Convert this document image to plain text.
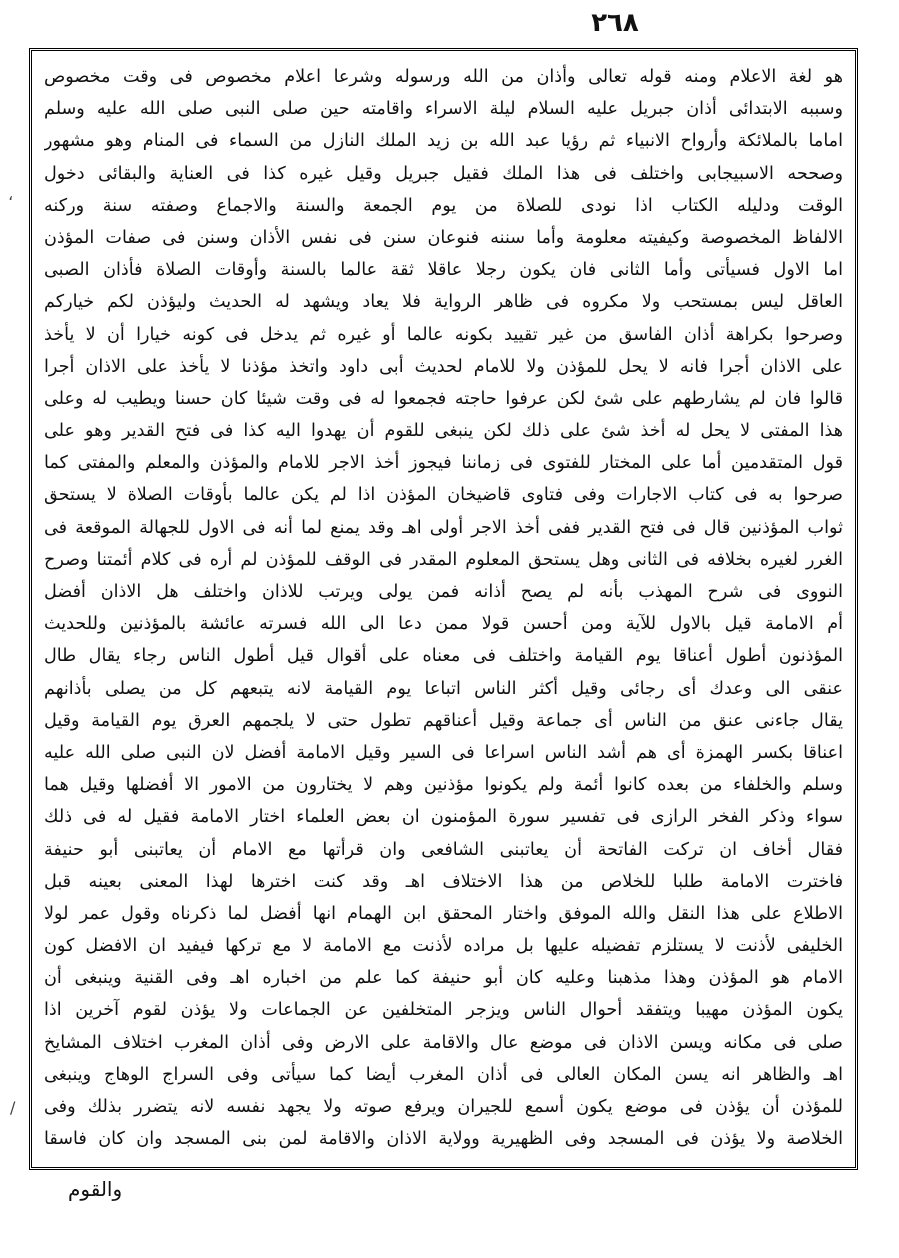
٢٦٨
،
/
هو لغة الاعلام ومنه قوله تعالى وأذان من الله ورسوله وشرعا اعلام مخصوص فى وقت مخصوص
وسببه الابتدائى أذان جبريل عليه السلام ليلة الاسراء واقامته حين صلى النبى صلى الله عليه وسلم
اماما بالملائكة وأرواح الانبياء ثم رؤيا عبد الله بن زيد الملك النازل من السماء فى المنام وهو مشهور
وصححه الاسبيجابى واختلف فى هذا الملك فقيل جبريل وقيل غيره كذا فى العناية والبقائى دخول
الوقت ودليله الكتاب اذا نودى للصلاة من يوم الجمعة والسنة والاجماع وصفته سنة وركنه
الالفاظ المخصوصة وكيفيته معلومة وأما سننه فنوعان سنن فى نفس الأذان وسنن فى صفات المؤذن
اما الاول فسيأتى وأما الثانى فان يكون رجلا عاقلا ثقة عالما بالسنة وأوقات الصلاة فأذان الصبى
العاقل ليس بمستحب ولا مكروه فى ظاهر الرواية فلا يعاد ويشهد له الحديث وليؤذن لكم خياركم
وصرحوا بكراهة أذان الفاسق من غير تقييد بكونه عالما أو غيره ثم يدخل فى كونه خيارا أن لا يأخذ
على الاذان أجرا فانه لا يحل للمؤذن ولا للامام لحديث أبى داود واتخذ مؤذنا لا يأخذ على الاذان أجرا
قالوا فان لم يشارطهم على شئ لكن عرفوا حاجته فجمعوا له فى وقت شيئا كان حسنا ويطيب له وعلى
هذا المفتى لا يحل له أخذ شئ على ذلك لكن ينبغى للقوم أن يهدوا اليه كذا فى فتح القدير وهو على
قول المتقدمين أما على المختار للفتوى فى زماننا فيجوز أخذ الاجر للامام والمؤذن والمعلم والمفتى كما
صرحوا به فى كتاب الاجارات وفى فتاوى قاضيخان المؤذن اذا لم يكن عالما بأوقات الصلاة لا يستحق
ثواب المؤذنين قال فى فتح القدير ففى أخذ الاجر أولى اهـ وقد يمنع لما أنه فى الاول للجهالة الموقعة فى
الغرر لغيره بخلافه فى الثانى وهل يستحق المعلوم المقدر فى الوقف للمؤذن لم أره فى كلام أئمتنا وصرح
النووى فى شرح المهذب بأنه لم يصح أذانه فمن يولى ويرتب للاذان واختلف هل الاذان أفضل
أم الامامة قيل بالاول للآية ومن أحسن قولا ممن دعا الى الله فسرته عائشة بالمؤذنين وللحديث
المؤذنون أطول أعناقا يوم القيامة واختلف فى معناه على أقوال قيل أطول الناس رجاء يقال طال
عنقى الى وعدك أى رجائى وقيل أكثر الناس اتباعا يوم القيامة لانه يتبعهم كل من يصلى بأذانهم
يقال جاءنى عنق من الناس أى جماعة وقيل أعناقهم تطول حتى لا يلجمهم العرق يوم القيامة وقيل
اعناقا بكسر الهمزة أى هم أشد الناس اسراعا فى السير وقيل الامامة أفضل لان النبى صلى الله عليه
وسلم والخلفاء من بعده كانوا أئمة ولم يكونوا مؤذنين وهم لا يختارون من الامور الا أفضلها وقيل هما
سواء وذكر الفخر الرازى فى تفسير سورة المؤمنون ان بعض العلماء اختار الامامة فقيل له فى ذلك
فقال أخاف ان تركت الفاتحة أن يعاتبنى الشافعى وان قرأتها مع الامام أن يعاتبنى أبو حنيفة
فاخترت الامامة طلبا للخلاص من هذا الاختلاف اهـ وقد كنت اخترها لهذا المعنى بعينه قبل
الاطلاع على هذا النقل والله الموفق واختار المحقق ابن الهمام انها أفضل لما ذكرناه وقول عمر لولا
الخليفى لأذنت لا يستلزم تفضيله عليها بل مراده لأذنت مع الامامة لا مع تركها فيفيد ان الافضل كون
الامام هو المؤذن وهذا مذهبنا وعليه كان أبو حنيفة كما علم من اخباره اهـ وفى القنية وينبغى أن
يكون المؤذن مهيبا ويتفقد أحوال الناس ويزجر المتخلفين عن الجماعات ولا يؤذن لقوم آخرين اذا
صلى فى مكانه ويسن الاذان فى موضع عال والاقامة على الارض وفى أذان المغرب اختلاف المشايخ
اهـ والظاهر انه يسن المكان العالى فى أذان المغرب أيضا كما سيأتى وفى السراج الوهاج وينبغى
للمؤذن أن يؤذن فى موضع يكون أسمع للجيران ويرفع صوته ولا يجهد نفسه لانه يتضرر بذلك وفى
الخلاصة ولا يؤذن فى المسجد وفى الظهيرية وولاية الاذان والاقامة لمن بنى المسجد وان كان فاسقا
والقوم
